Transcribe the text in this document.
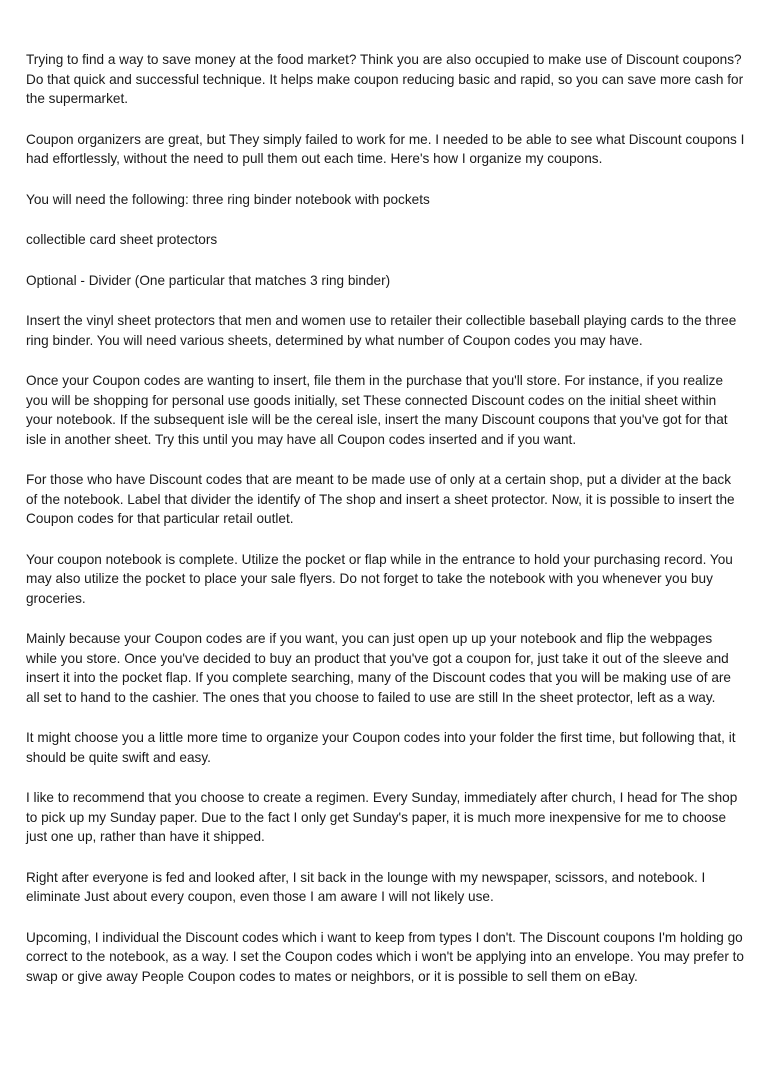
Trying to find a way to save money at the food market? Think you are also occupied to make use of Discount coupons? Do that quick and successful technique. It helps make coupon reducing basic and rapid, so you can save more cash for the supermarket.

Coupon organizers are great, but They simply failed to work for me. I needed to be able to see what Discount coupons I had effortlessly, without the need to pull them out each time. Here's how I organize my coupons.

You will need the following: three ring binder notebook with pockets

collectible card sheet protectors

Optional - Divider (One particular that matches 3 ring binder)

Insert the vinyl sheet protectors that men and women use to retailer their collectible baseball playing cards to the three ring binder. You will need various sheets, determined by what number of Coupon codes you may have.

Once your Coupon codes are wanting to insert, file them in the purchase that you'll store. For instance, if you realize you will be shopping for personal use goods initially, set These connected Discount codes on the initial sheet within your notebook. If the subsequent isle will be the cereal isle, insert the many Discount coupons that you've got for that isle in another sheet. Try this until you may have all Coupon codes inserted and if you want.

For those who have Discount codes that are meant to be made use of only at a certain shop, put a divider at the back of the notebook. Label that divider the identify of The shop and insert a sheet protector. Now, it is possible to insert the Coupon codes for that particular retail outlet.

Your coupon notebook is complete. Utilize the pocket or flap while in the entrance to hold your purchasing record. You may also utilize the pocket to place your sale flyers. Do not forget to take the notebook with you whenever you buy groceries.

Mainly because your Coupon codes are if you want, you can just open up up your notebook and flip the webpages while you store. Once you've decided to buy an product that you've got a coupon for, just take it out of the sleeve and insert it into the pocket flap. If you complete searching, many of the Discount codes that you will be making use of are all set to hand to the cashier. The ones that you choose to failed to use are still In the sheet protector, left as a way.

It might choose you a little more time to organize your Coupon codes into your folder the first time, but following that, it should be quite swift and easy.

I like to recommend that you choose to create a regimen. Every Sunday, immediately after church, I head for The shop to pick up my Sunday paper. Due to the fact I only get Sunday's paper, it is much more inexpensive for me to choose just one up, rather than have it shipped.

Right after everyone is fed and looked after, I sit back in the lounge with my newspaper, scissors, and notebook. I eliminate Just about every coupon, even those I am aware I will not likely use.

Upcoming, I individual the Discount codes which i want to keep from types I don't. The Discount coupons I'm holding go correct to the notebook, as a way. I set the Coupon codes which i won't be applying into an envelope. You may prefer to swap or give away People Coupon codes to mates or neighbors, or it is possible to sell them on eBay.
